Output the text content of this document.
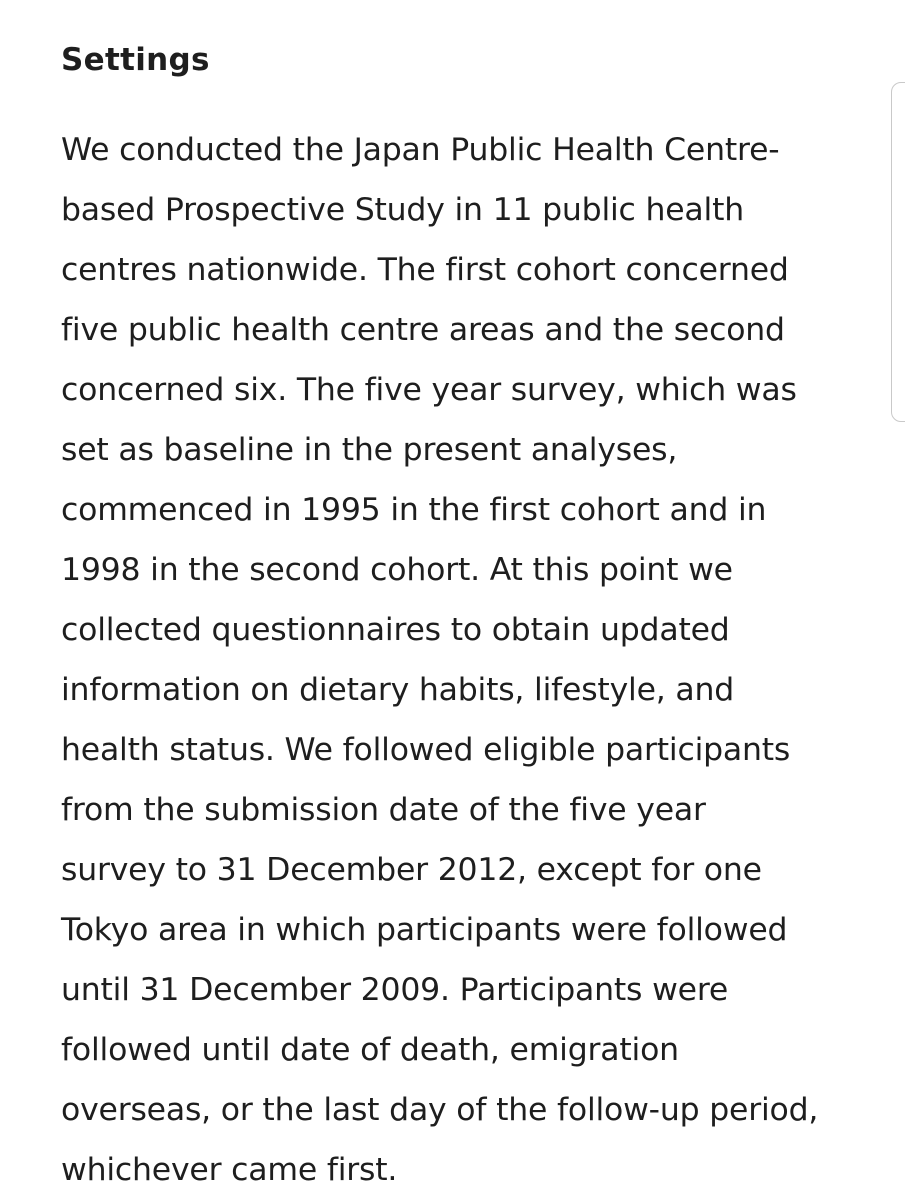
Settings

We conducted the Japan Public Health Centre-
based Prospective Study in 11 public health
centres nationwide. The first cohort concerned
five public health centre areas and the second
concerned six. The five year survey, which was
set as baseline in the present analyses,
commenced in 1995 in the first cohort and in
1998 in the second cohort. At this point we
collected questionnaires to obtain updated
information on dietary habits, lifestyle, and
health status. We followed eligible participants
from the submission date of the five year
survey to 31 December 2012, except for one
Tokyo area in which participants were followed
until 31 December 2009. Participants were
followed until date of death, emigration
overseas, or the last day of the follow-up period,
whichever came first.
